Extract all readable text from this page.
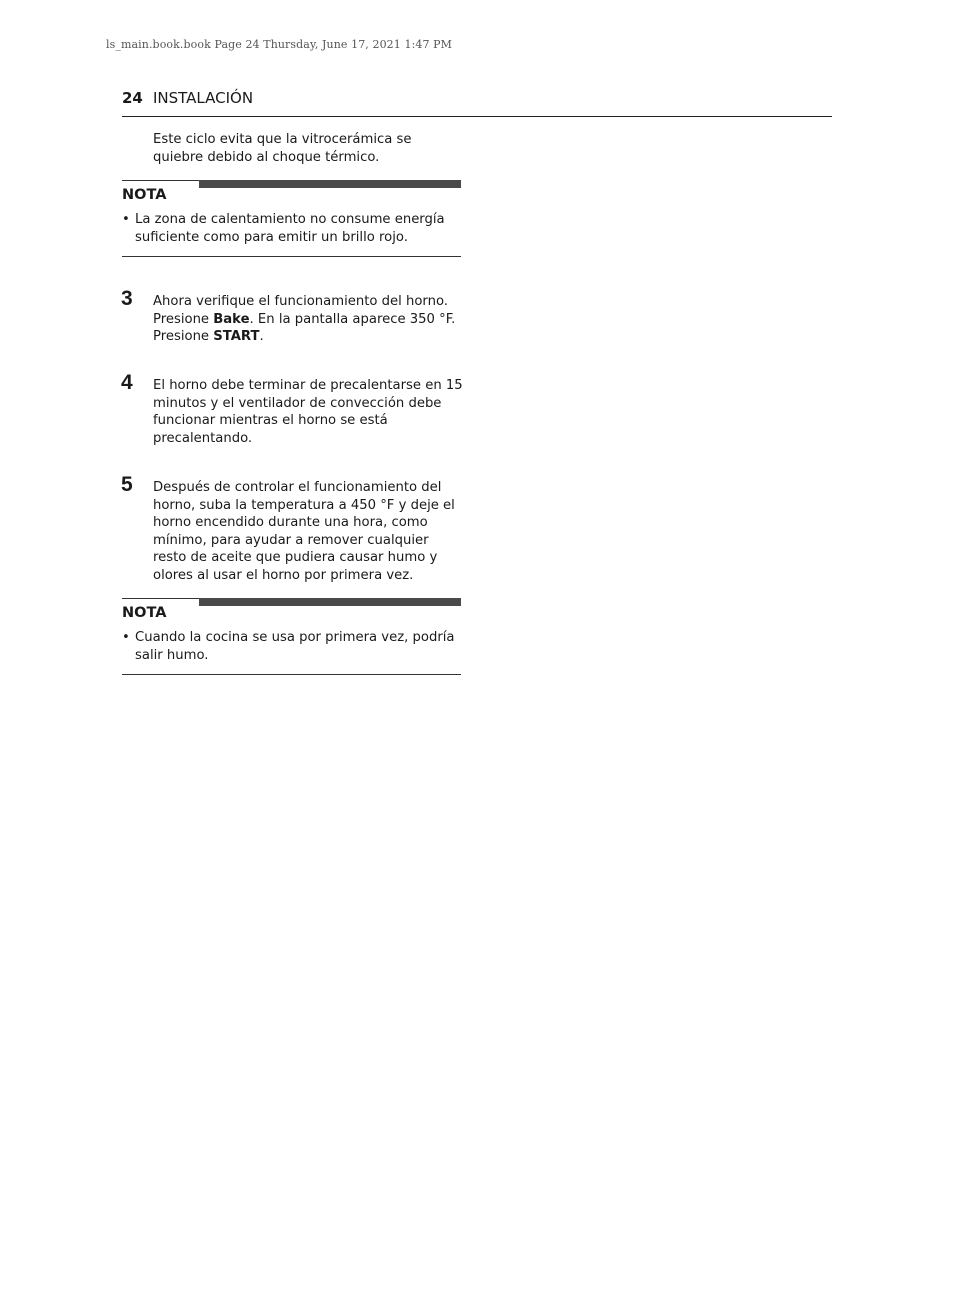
ls_main.book.book Page 24 Thursday, June 17, 2021 1:47 PM
24 INSTALACIÓN
Este ciclo evita que la vitrocerámica se quiebre debido al choque térmico.
NOTA
• La zona de calentamiento no consume energía suficiente como para emitir un brillo rojo.
3 Ahora verifique el funcionamiento del horno. Presione Bake. En la pantalla aparece 350 °F. Presione START.
4 El horno debe terminar de precalentarse en 15 minutos y el ventilador de convección debe funcionar mientras el horno se está precalentando.
5 Después de controlar el funcionamiento del horno, suba la temperatura a 450 °F y deje el horno encendido durante una hora, como mínimo, para ayudar a remover cualquier resto de aceite que pudiera causar humo y olores al usar el horno por primera vez.
NOTA
• Cuando la cocina se usa por primera vez, podría salir humo.
